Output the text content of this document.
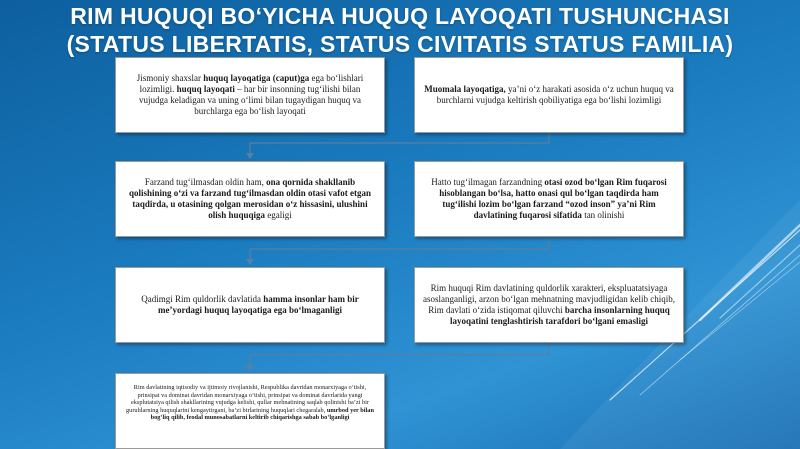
RIM HUQUQI BO‘YICHA HUQUQ LAYOQATI TUSHUNCHASI
(STATUS LIBERTATIS, STATUS CIVITATIS STATUS FAMILIA)
Jismoniy shaxslar huquq layoqatiga (caput)ga ega bo‘lishlari lozimligi. huquq layoqati – har bir insonning tug‘ilishi bilan vujudga keladigan va uning o‘limi bilan tugaydigan huquq va burchlarga ega bo‘lish layoqati
Muomala layoqatiga, ya’ni o‘z harakati asosida o‘z uchun huquq va burchlarni vujudga keltirish qobiliyatiga ega bo‘lishi lozimligi
Farzand tug‘ilmasdan oldin ham, ona qornida shakllanib qolishining o‘zi va farzand tug‘ilmasdan oldin otasi vafot etgan taqdirda, u otasining qolgan merosidan o‘z hissasini, ulushini olish huquqiga egaligi
Hatto tug‘ilmagan farzandning otasi ozod bo‘lgan Rim fuqarosi hisoblangan bo‘lsa, hatto onasi qul bo‘lgan taqdirda ham tug‘ilishi lozim bo‘lgan farzand “ozod inson” ya’ni Rim davlatining fuqarosi sifatida tan olinishi
Qadimgi Rim quldorlik davlatida hamma insonlar ham bir me’yordagi huquq layoqatiga ega bo‘lmaganligi
Rim huquqi Rim davlatining quldorlik xarakteri, ekspluatatsiyaga asoslanganligi, arzon bo‘lgan mehnatning mavjudligidan kelib chiqib, Rim davlati o‘zida istiqomat qiluvchi barcha insonlarning huquq layoqatini tenglashtirish tarafdori bo‘lgani emasligi
Rim davlatining iqtisodiy va ijtimoiy rivojlanishi, Respublika davridan monarxiyaga o‘tishi, prinsipat va dominat davridan monarxiyaga o‘tishi, prinsipat va dominat davrlarida yangi eksplutatsiya qilish shakllarining vujudga kelishi, qullar mehnatining saqlab qolinishi ba’zi bir guruhlarning huquqlarini kengaytirgani, ba’zi birlarining huquqlari chegaralab, umrbod yer bilan bog‘liq qilib, feodal munosabatlarni keltirib chiqarishga sabab bo‘lganligi
